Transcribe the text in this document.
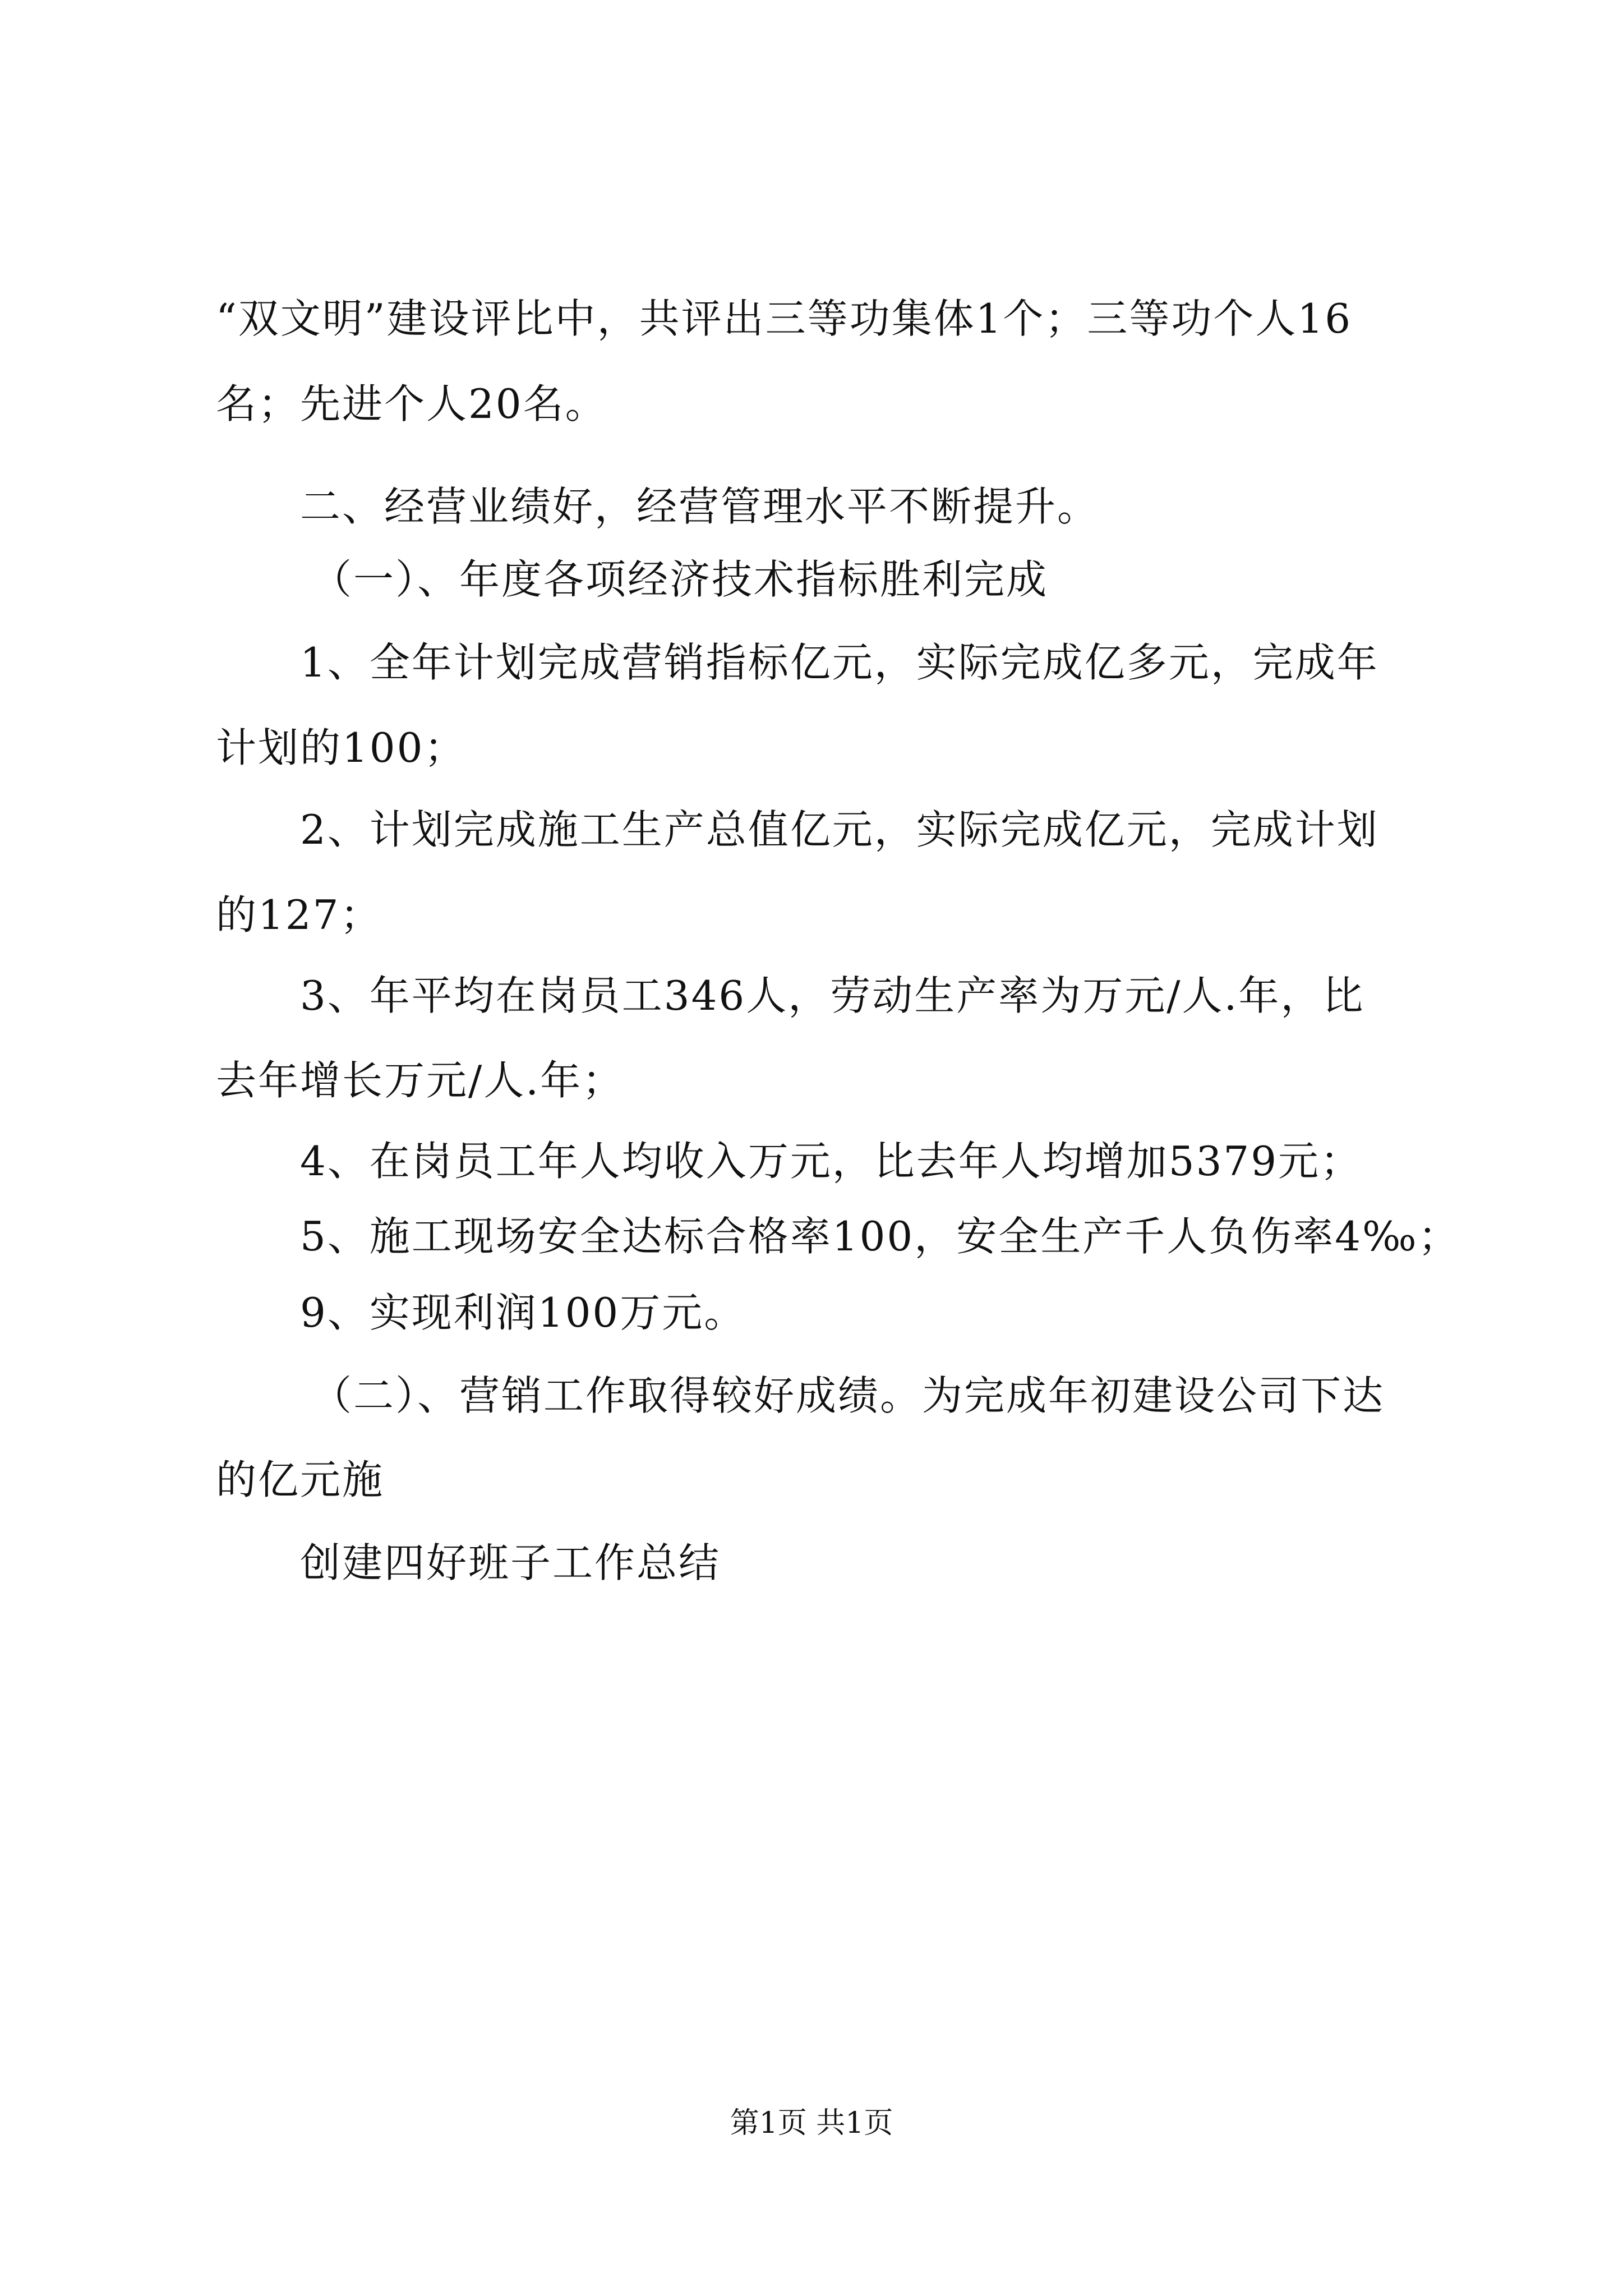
“双文明”建设评比中，共评出三等功集体1个；三等功个人16
名；先进个人20名。
二、经营业绩好，经营管理水平不断提升。
（一）、年度各项经济技术指标胜利完成
1、全年计划完成营销指标亿元，实际完成亿多元，完成年
计划的100；
2、计划完成施工生产总值亿元，实际完成亿元，完成计划
的127；
3、年平均在岗员工346人，劳动生产率为万元/人.年，比
去年增长万元/人.年；
4、在岗员工年人均收入万元，比去年人均增加5379元；
5、施工现场安全达标合格率100，安全生产千人负伤率4‰；
9、实现利润100万元。
（二）、营销工作取得较好成绩。为完成年初建设公司下达
的亿元施
创建四好班子工作总结
第1页 共1页
